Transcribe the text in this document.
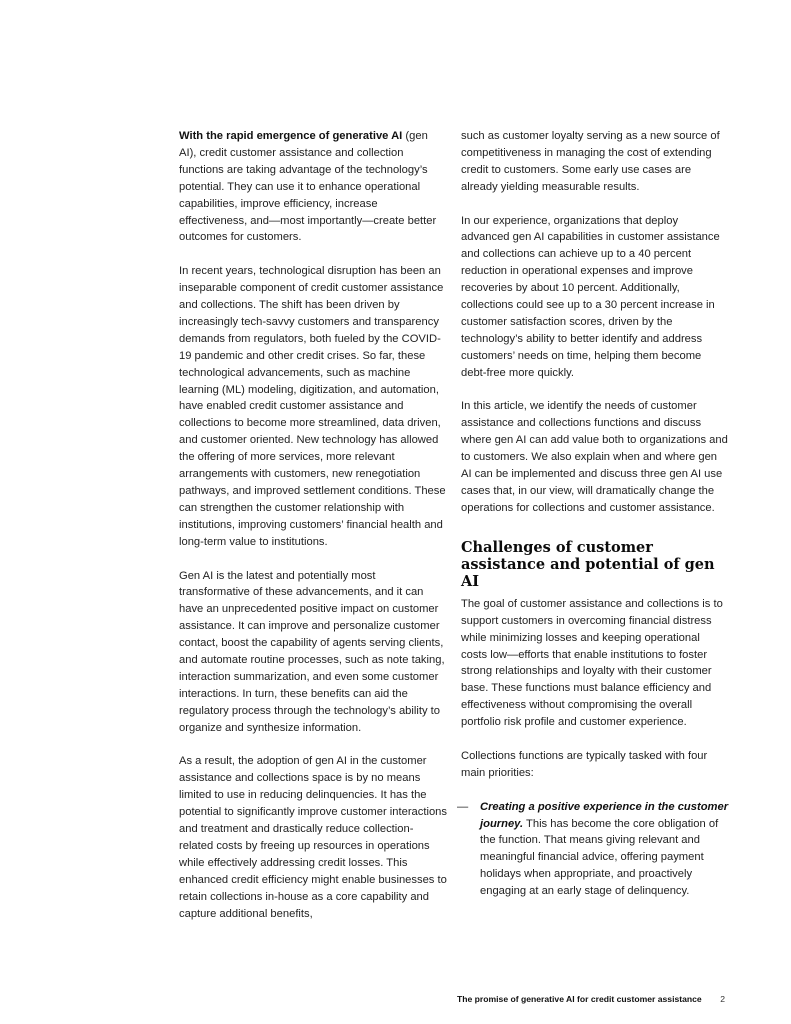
With the rapid emergence of generative AI (gen AI), credit customer assistance and collection functions are taking advantage of the technology’s potential. They can use it to enhance operational capabilities, improve efficiency, increase effectiveness, and—most importantly—create better outcomes for customers.

In recent years, technological disruption has been an inseparable component of credit customer assistance and collections. The shift has been driven by increasingly tech-savvy customers and transparency demands from regulators, both fueled by the COVID-19 pandemic and other credit crises. So far, these technological advancements, such as machine learning (ML) modeling, digitization, and automation, have enabled credit customer assistance and collections to become more streamlined, data driven, and customer oriented. New technology has allowed the offering of more services, more relevant arrangements with customers, new renegotiation pathways, and improved settlement conditions. These can strengthen the customer relationship with institutions, improving customers’ financial health and long-term value to institutions.

Gen AI is the latest and potentially most transformative of these advancements, and it can have an unprecedented positive impact on customer assistance. It can improve and personalize customer contact, boost the capability of agents serving clients, and automate routine processes, such as note taking, interaction summarization, and even some customer interactions. In turn, these benefits can aid the regulatory process through the technology’s ability to organize and synthesize information.

As a result, the adoption of gen AI in the customer assistance and collections space is by no means limited to use in reducing delinquencies. It has the potential to significantly improve customer interactions and treatment and drastically reduce collection-related costs by freeing up resources in operations while effectively addressing credit losses. This enhanced credit efficiency might enable businesses to retain collections in-house as a core capability and capture additional benefits,

such as customer loyalty serving as a new source of competitiveness in managing the cost of extending credit to customers. Some early use cases are already yielding measurable results.

In our experience, organizations that deploy advanced gen AI capabilities in customer assistance and collections can achieve up to a 40 percent reduction in operational expenses and improve recoveries by about 10 percent. Additionally, collections could see up to a 30 percent increase in customer satisfaction scores, driven by the technology’s ability to better identify and address customers’ needs on time, helping them become debt-free more quickly.

In this article, we identify the needs of customer assistance and collections functions and discuss where gen AI can add value both to organizations and to customers. We also explain when and where gen AI can be implemented and discuss three gen AI use cases that, in our view, will dramatically change the operations for collections and customer assistance.

Challenges of customer assistance and potential of gen AI

The goal of customer assistance and collections is to support customers in overcoming financial distress while minimizing losses and keeping operational costs low—efforts that enable institutions to foster strong relationships and loyalty with their customer base. These functions must balance efficiency and effectiveness without compromising the overall portfolio risk profile and customer experience.

Collections functions are typically tasked with four main priorities:

— Creating a positive experience in the customer journey. This has become the core obligation of the function. That means giving relevant and meaningful financial advice, offering payment holidays when appropriate, and proactively engaging at an early stage of delinquency.
The promise of generative AI for credit customer assistance 2
